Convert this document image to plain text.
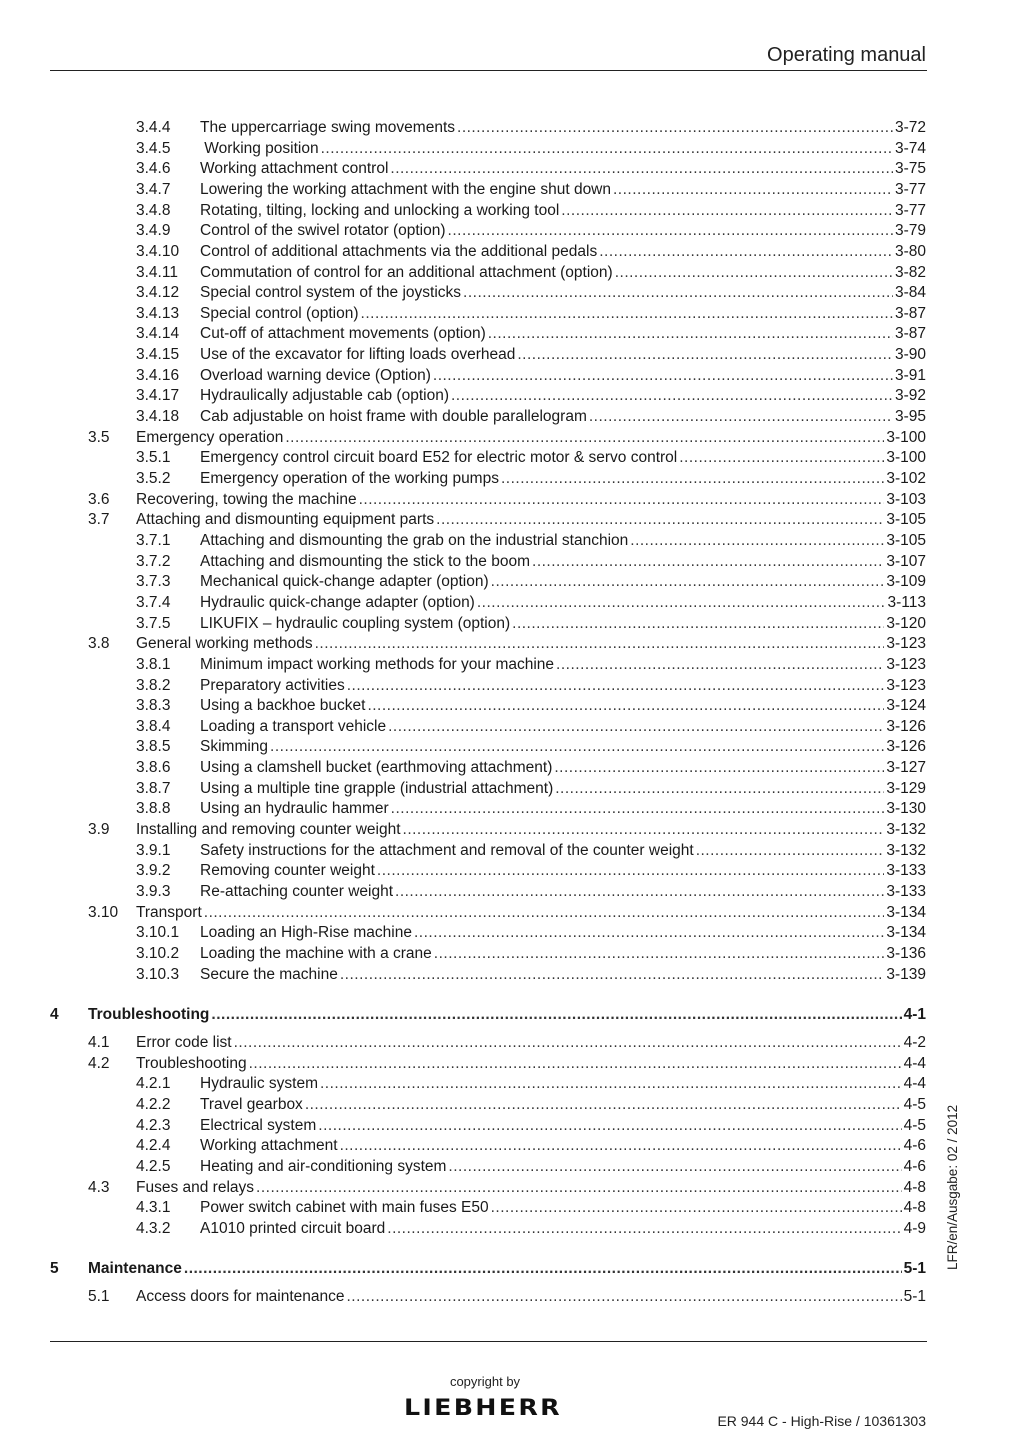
Operating manual
3.4.4 The uppercarriage swing movements .....	3-72
3.4.5 Working position .....	3-74
3.4.6 Working attachment control .....	3-75
3.4.7 Lowering the working attachment with the engine shut down .....	3-77
3.4.8 Rotating, tilting, locking and unlocking a working tool .....	3-77
3.4.9 Control of the swivel rotator (option) .....	3-79
3.4.10 Control of additional attachments via the additional pedals .....	3-80
3.4.11 Commutation of control for an additional attachment (option) .....	3-82
3.4.12 Special control system of the joysticks .....	3-84
3.4.13 Special control (option) .....	3-87
3.4.14 Cut-off of attachment movements (option) .....	3-87
3.4.15 Use of the excavator for lifting loads overhead .....	3-90
3.4.16 Overload warning device (Option) .....	3-91
3.4.17 Hydraulically adjustable cab (option) .....	3-92
3.4.18 Cab adjustable on hoist frame with double parallelogram .....	3-95
3.5 Emergency operation .....	3-100
3.5.1 Emergency control circuit board E52 for electric motor & servo control .....	3-100
3.5.2 Emergency operation of the working pumps .....	3-102
3.6 Recovering, towing the machine .....	3-103
3.7 Attaching and dismounting equipment parts .....	3-105
3.7.1 Attaching and dismounting the grab on the industrial stanchion .....	3-105
3.7.2 Attaching and dismounting the stick to the boom .....	3-107
3.7.3 Mechanical quick-change adapter (option) .....	3-109
3.7.4 Hydraulic quick-change adapter (option) .....	3-113
3.7.5 LIKUFIX – hydraulic coupling system (option) .....	3-120
3.8 General working methods .....	3-123
3.8.1 Minimum impact working methods for your machine .....	3-123
3.8.2 Preparatory activities .....	3-123
3.8.3 Using a backhoe bucket .....	3-124
3.8.4 Loading a transport vehicle .....	3-126
3.8.5 Skimming .....	3-126
3.8.6 Using a clamshell bucket (earthmoving attachment) .....	3-127
3.8.7 Using a multiple tine grapple (industrial attachment) .....	3-129
3.8.8 Using an hydraulic hammer .....	3-130
3.9 Installing and removing counter weight .....	3-132
3.9.1 Safety instructions for the attachment and removal of the counter weight .....	3-132
3.9.2 Removing counter weight .....	3-133
3.9.3 Re-attaching counter weight .....	3-133
3.10 Transport .....	3-134
3.10.1 Loading an High-Rise machine .....	3-134
3.10.2 Loading the machine with a crane .....	3-136
3.10.3 Secure the machine .....	3-139
4 Troubleshooting .....	4-1
4.1 Error code list .....	4-2
4.2 Troubleshooting .....	4-4
4.2.1 Hydraulic system .....	4-4
4.2.2 Travel gearbox .....	4-5
4.2.3 Electrical system .....	4-5
4.2.4 Working attachment .....	4-6
4.2.5 Heating and air-conditioning system .....	4-6
4.3 Fuses and relays .....	4-8
4.3.1 Power switch cabinet with main fuses E50 .....	4-8
4.3.2 A1010 printed circuit board .....	4-9
5 Maintenance .....	5-1
5.1 Access doors for maintenance .....	5-1
LFR/en/Ausgabe: 02 / 2012
copyright by
LIEBHERR	ER 944 C - High-Rise / 10361303
